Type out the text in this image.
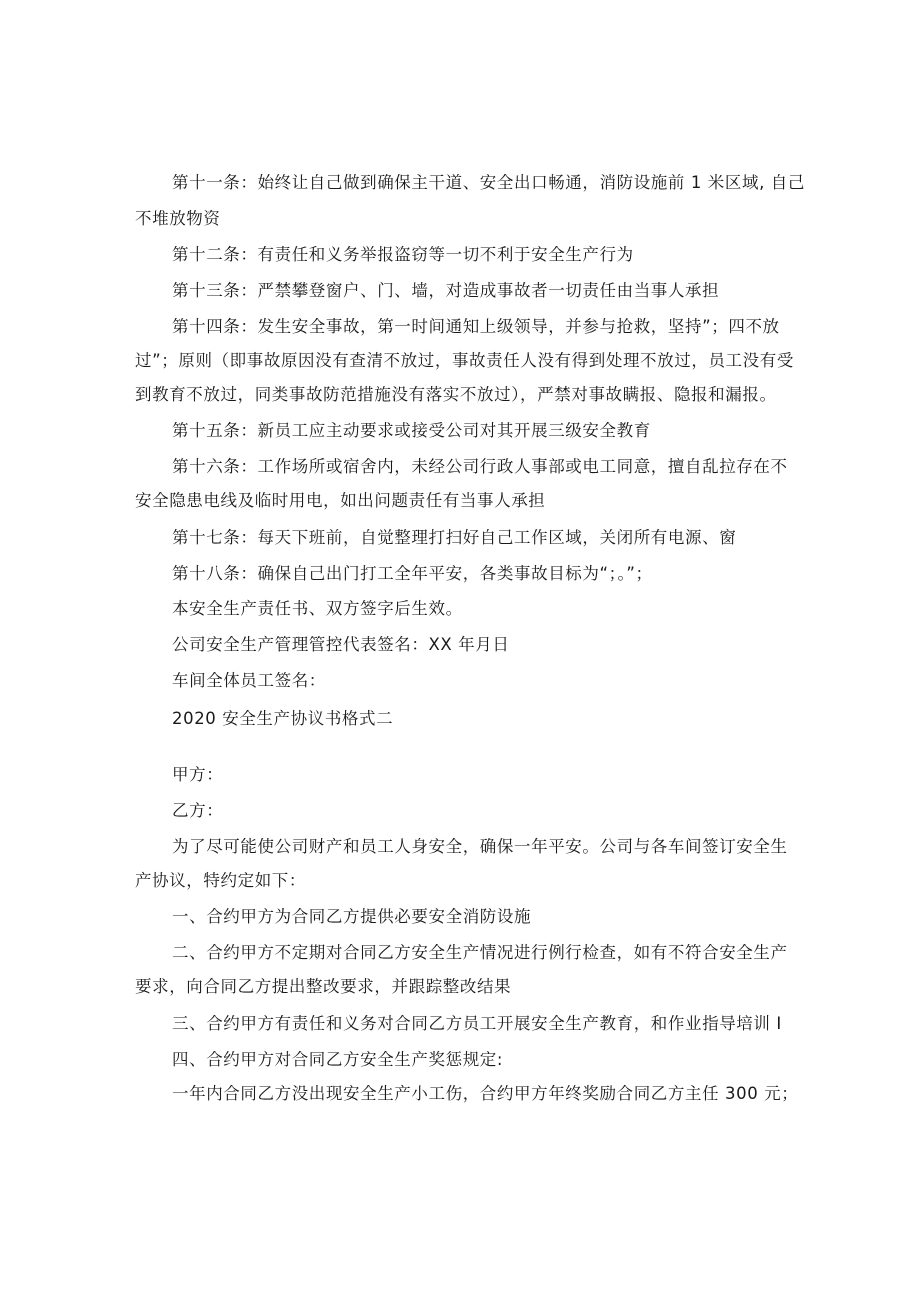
第十一条：始终让自己做到确保主干道、安全出口畅通，消防设施前 1 米区域, 自己
不堆放物资
第十二条：有责任和义务举报盗窃等一切不利于安全生产行为
第十三条：严禁攀登窗户、门、墙，对造成事故者一切责任由当事人承担
第十四条：发生安全事故，第一时间通知上级领导，并参与抢救，坚持”；四不放
过”；原则（即事故原因没有查清不放过，事故责任人没有得到处理不放过，员工没有受
到教育不放过，同类事故防范措施没有落实不放过），严禁对事故瞒报、隐报和漏报。
第十五条：新员工应主动要求或接受公司对其开展三级安全教育
第十六条：工作场所或宿舍内，未经公司行政人事部或电工同意，擅自乱拉存在不
安全隐患电线及临时用电，如出问题责任有当事人承担
第十七条：每天下班前，自觉整理打扫好自己工作区域，关闭所有电源、窗
第十八条：确保自己出门打工全年平安，各类事故目标为“；。”；
本安全生产责任书、双方签字后生效。
公司安全生产管理管控代表签名：XX 年月日
车间全体员工签名：
2020 安全生产协议书格式二
甲方：
乙方：
为了尽可能使公司财产和员工人身安全，确保一年平安。公司与各车间签订安全生
产协议，特约定如下：
一、合约甲方为合同乙方提供必要安全消防设施
二、合约甲方不定期对合同乙方安全生产情况进行例行检查，如有不符合安全生产
要求，向合同乙方提出整改要求，并跟踪整改结果
三、合约甲方有责任和义务对合同乙方员工开展安全生产教育，和作业指导培训 I
四、合约甲方对合同乙方安全生产奖惩规定:
一年内合同乙方没出现安全生产小工伤，合约甲方年终奖励合同乙方主任 300 元；
